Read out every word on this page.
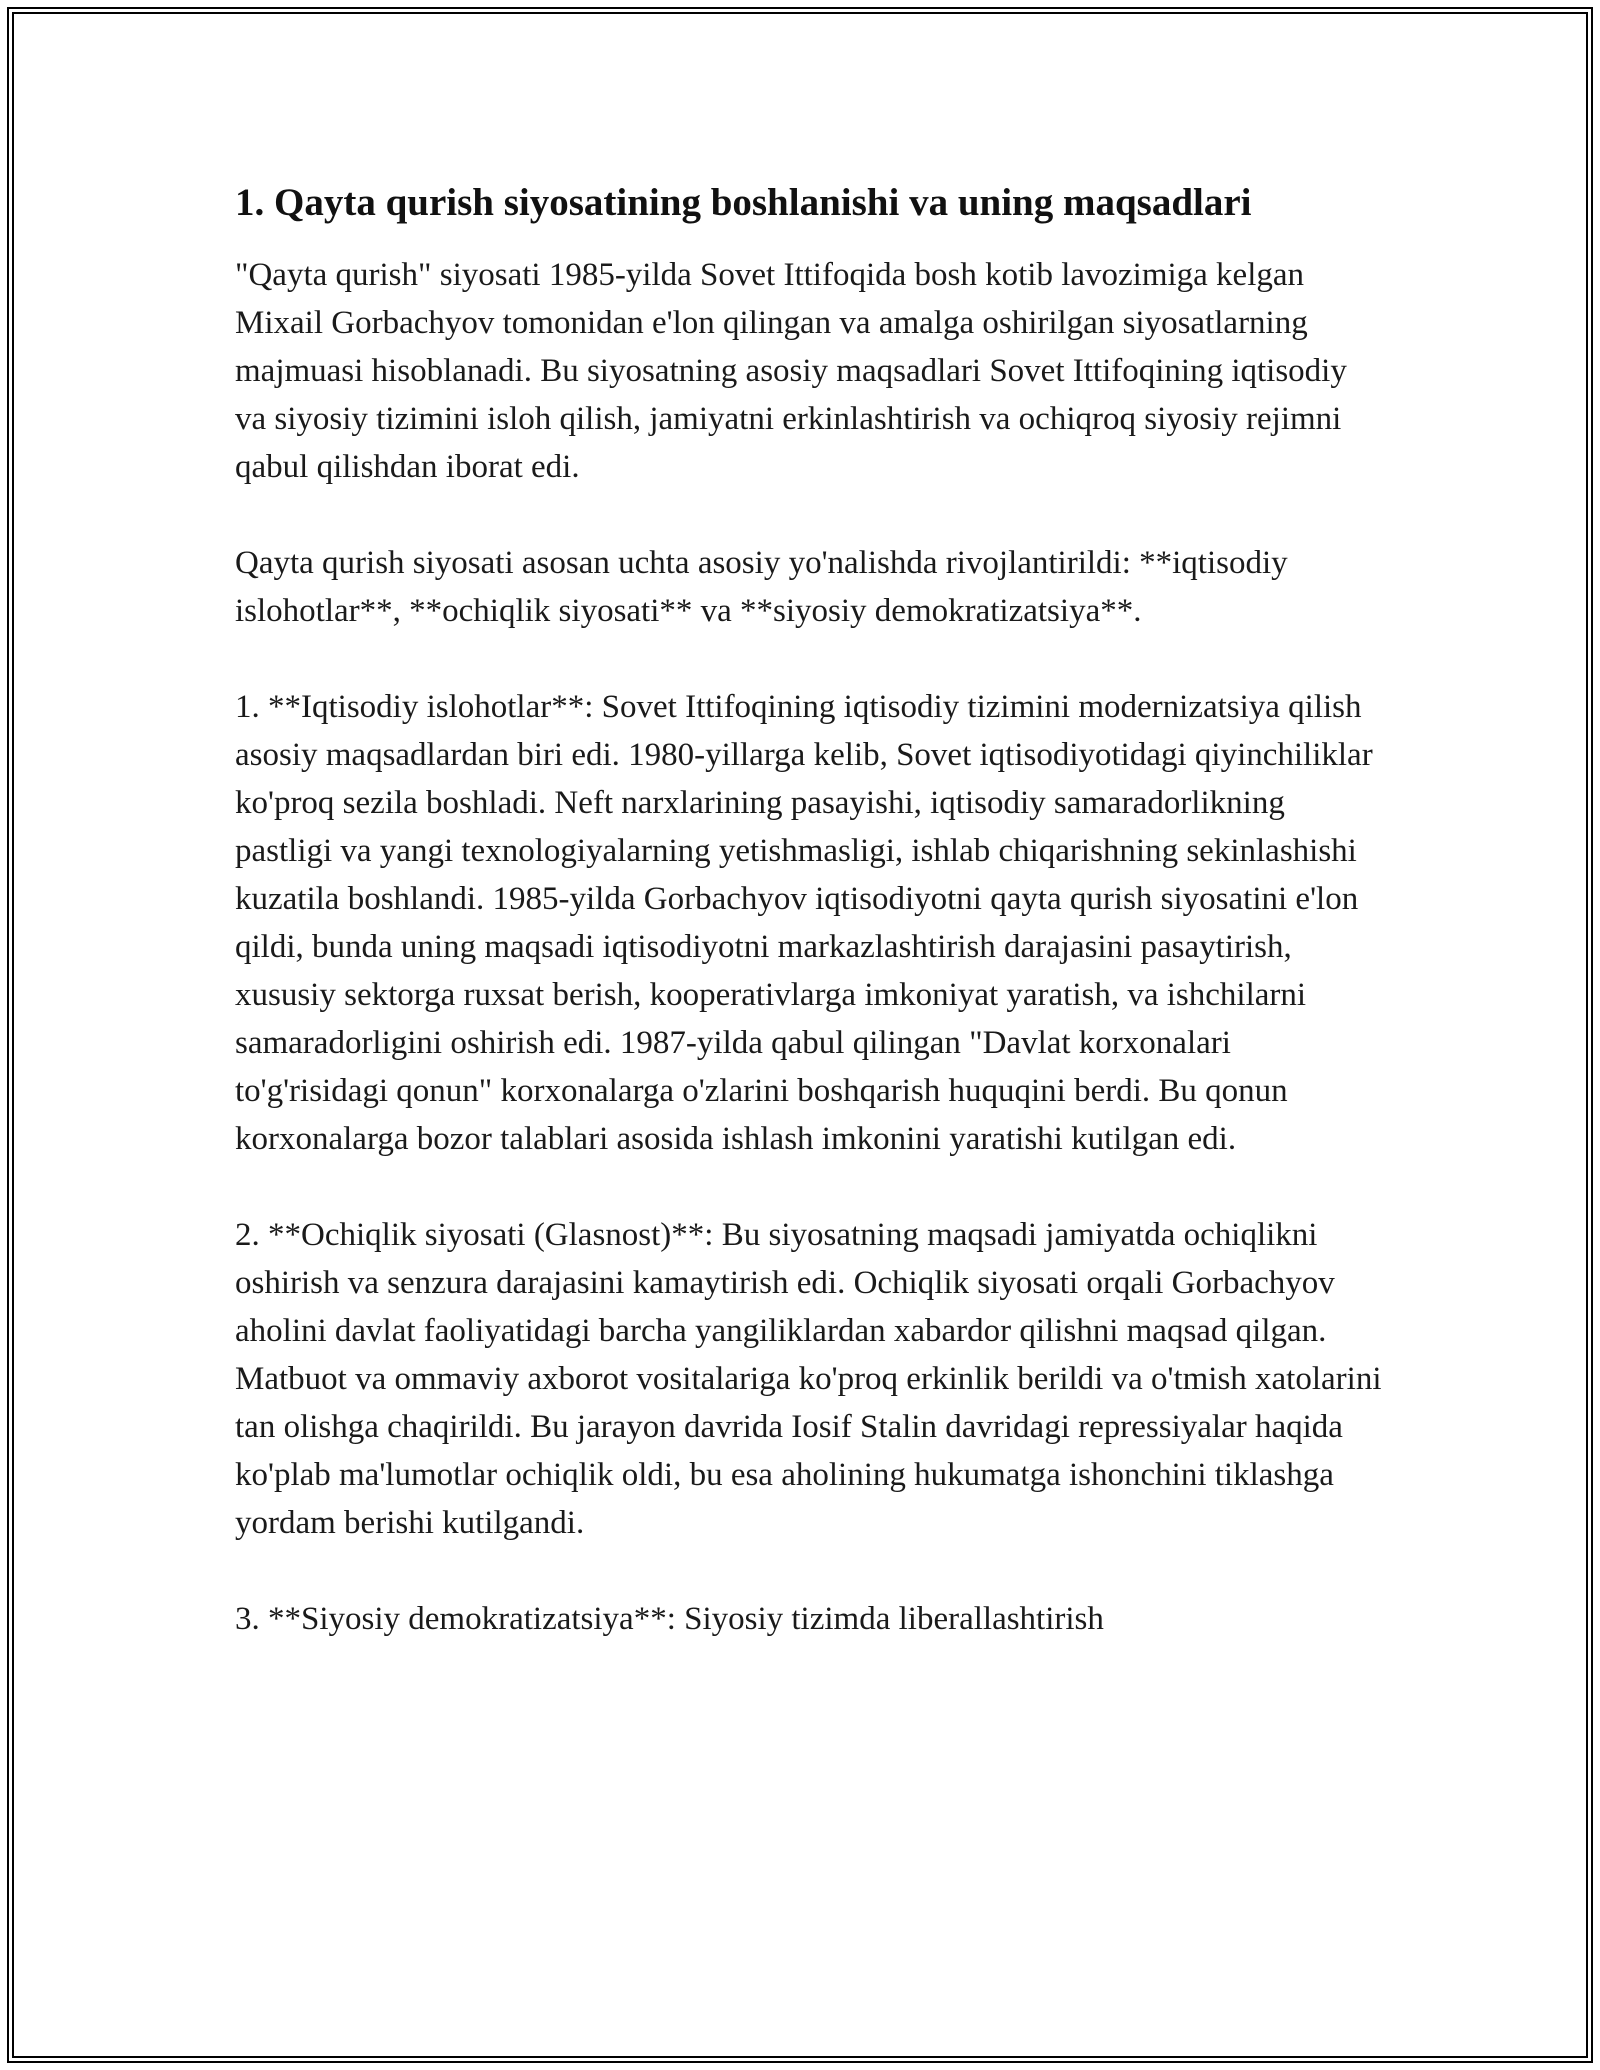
1. Qayta qurish siyosatining boshlanishi va uning maqsadlari

"Qayta qurish" siyosati 1985-yilda Sovet Ittifoqida bosh kotib lavozimiga kelgan Mixail Gorbachyov tomonidan e'lon qilingan va amalga oshirilgan siyosatlarning majmuasi hisoblanadi. Bu siyosatning asosiy maqsadlari Sovet Ittifoqining iqtisodiy va siyosiy tizimini isloh qilish, jamiyatni erkinlashtirish va ochiqroq siyosiy rejimni qabul qilishdan iborat edi.

Qayta qurish siyosati asosan uchta asosiy yo'nalishda rivojlantirildi: **iqtisodiy islohotlar**, **ochiqlik siyosati** va **siyosiy demokratizatsiya**.

1. **Iqtisodiy islohotlar**: Sovet Ittifoqining iqtisodiy tizimini modernizatsiya qilish asosiy maqsadlardan biri edi. 1980-yillarga kelib, Sovet iqtisodiyotidagi qiyinchiliklar ko'proq sezila boshladi. Neft narxlarining pasayishi, iqtisodiy samaradorlikning pastligi va yangi texnologiyalarning yetishmasligi, ishlab chiqarishning sekinlashishi kuzatila boshlandi. 1985-yilda Gorbachyov iqtisodiyotni qayta qurish siyosatini e'lon qildi, bunda uning maqsadi iqtisodiyotni markazlashtirish darajasini pasaytirish, xususiy sektorga ruxsat berish, kooperativlarga imkoniyat yaratish, va ishchilarni samaradorligini oshirish edi. 1987-yilda qabul qilingan "Davlat korxonalari to'g'risidagi qonun" korxonalarga o'zlarini boshqarish huquqini berdi. Bu qonun korxonalarga bozor talablari asosida ishlash imkonini yaratishi kutilgan edi.

2. **Ochiqlik siyosati (Glasnost)**: Bu siyosatning maqsadi jamiyatda ochiqlikni oshirish va senzura darajasini kamaytirish edi. Ochiqlik siyosati orqali Gorbachyov aholini davlat faoliyatidagi barcha yangiliklardan xabardor qilishni maqsad qilgan. Matbuot va ommaviy axborot vositalariga ko'proq erkinlik berildi va o'tmish xatolarini tan olishga chaqirildi. Bu jarayon davrida Iosif Stalin davridagi repressiyalar haqida ko'plab ma'lumotlar ochiqlik oldi, bu esa aholining hukumatga ishonchini tiklashga yordam berishi kutilgandi.

3. **Siyosiy demokratizatsiya**: Siyosiy tizimda liberallashtirish
